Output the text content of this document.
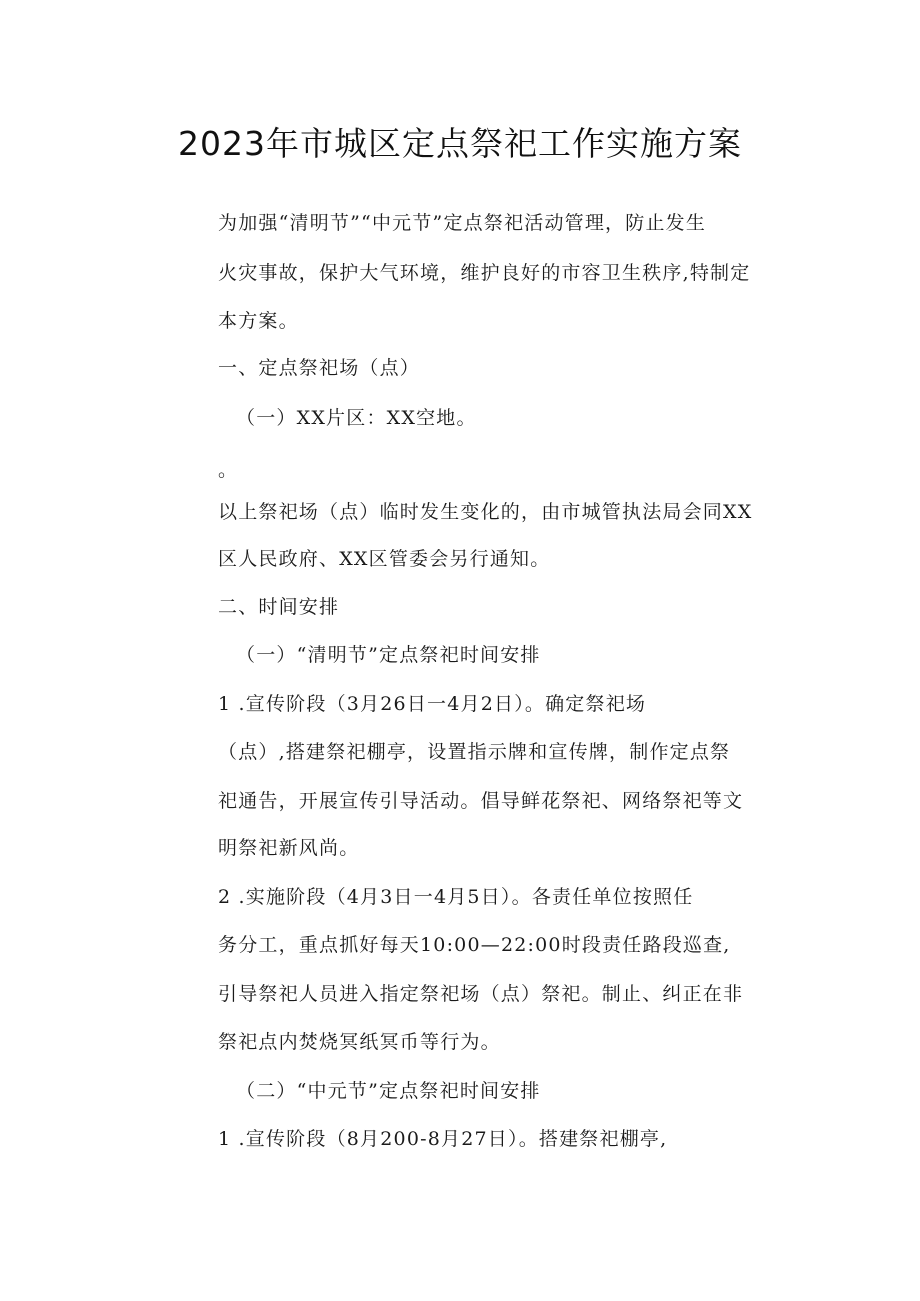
2023年市城区定点祭祀工作实施方案
为加强“清明节”“中元节”定点祭祀活动管理，防止发生
火灾事故，保护大气环境，维护良好的市容卫生秩序,特制定
本方案。
一、定点祭祀场（点）
（一）XX片区：XX空地。
。
以上祭祀场（点）临时发生变化的，由市城管执法局会同XX
区人民政府、XX区管委会另行通知。
二、时间安排
（一）“清明节”定点祭祀时间安排
1 .宣传阶段（3月26日一4月2日）。确定祭祀场
（点）,搭建祭祀棚亭，设置指示牌和宣传牌，制作定点祭
祀通告，开展宣传引导活动。倡导鲜花祭祀、网络祭祀等文
明祭祀新风尚。
2 .实施阶段（4月3日一4月5日）。各责任单位按照任
务分工，重点抓好每天10:00—22:00时段责任路段巡查,
引导祭祀人员进入指定祭祀场（点）祭祀。制止、纠正在非
祭祀点内焚烧冥纸冥币等行为。
（二）“中元节”定点祭祀时间安排
1 .宣传阶段（8月200-8月27日）。搭建祭祀棚亭,
